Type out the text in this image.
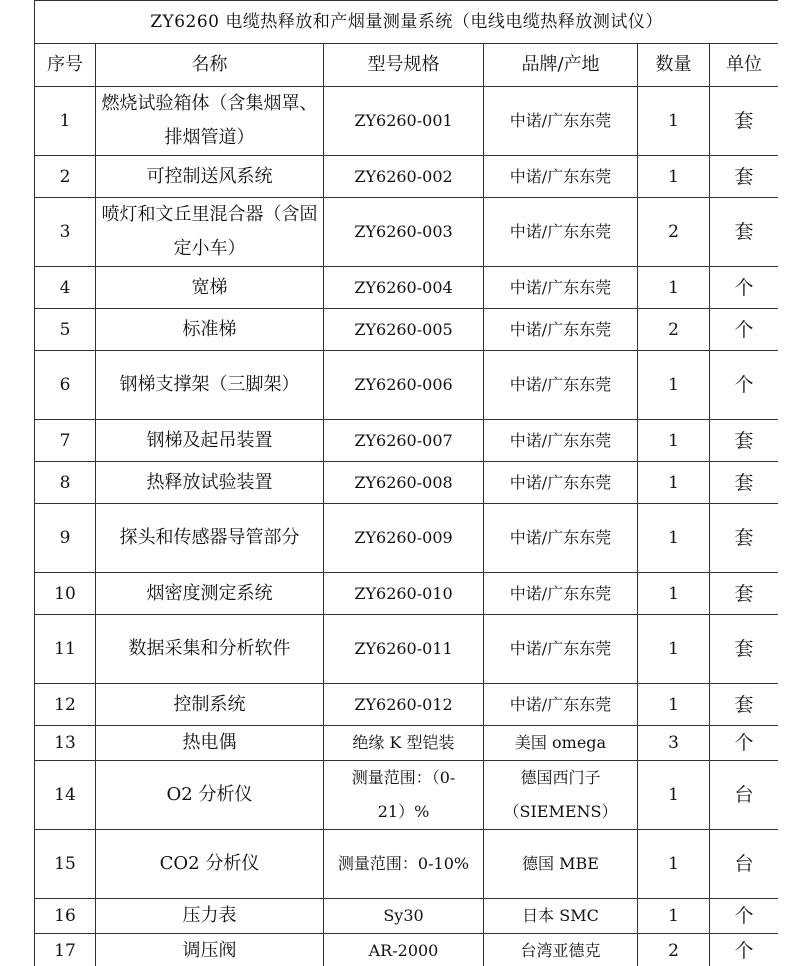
ZY6260 电缆热释放和产烟量测量系统（电线电缆热释放测试仪）					
序号	名称	型号规格	品牌/产地	数量	单位
1	燃烧试验箱体（含集烟罩、排烟管道）	ZY6260-001	中诺/广东东莞	1	套
2	可控制送风系统	ZY6260-002	中诺/广东东莞	1	套
3	喷灯和文丘里混合器（含固定小车）	ZY6260-003	中诺/广东东莞	2	套
4	宽梯	ZY6260-004	中诺/广东东莞	1	个
5	标准梯	ZY6260-005	中诺/广东东莞	2	个
6	钢梯支撑架（三脚架）	ZY6260-006	中诺/广东东莞	1	个
7	钢梯及起吊装置	ZY6260-007	中诺/广东东莞	1	套
8	热释放试验装置	ZY6260-008	中诺/广东东莞	1	套
9	探头和传感器导管部分	ZY6260-009	中诺/广东东莞	1	套
10	烟密度测定系统	ZY6260-010	中诺/广东东莞	1	套
11	数据采集和分析软件	ZY6260-011	中诺/广东东莞	1	套
12	控制系统	ZY6260-012	中诺/广东东莞	1	套
13	热电偶	绝缘 K 型铠装	美国 omega	3	个
14	O2 分析仪	测量范围：（0-21）%	德国西门子（SIEMENS）	1	台
15	CO2 分析仪	测量范围：0-10%	德国 MBE	1	台
16	压力表	Sy30	日本 SMC	1	个
17	调压阀	AR-2000	台湾亚德克	2	个
